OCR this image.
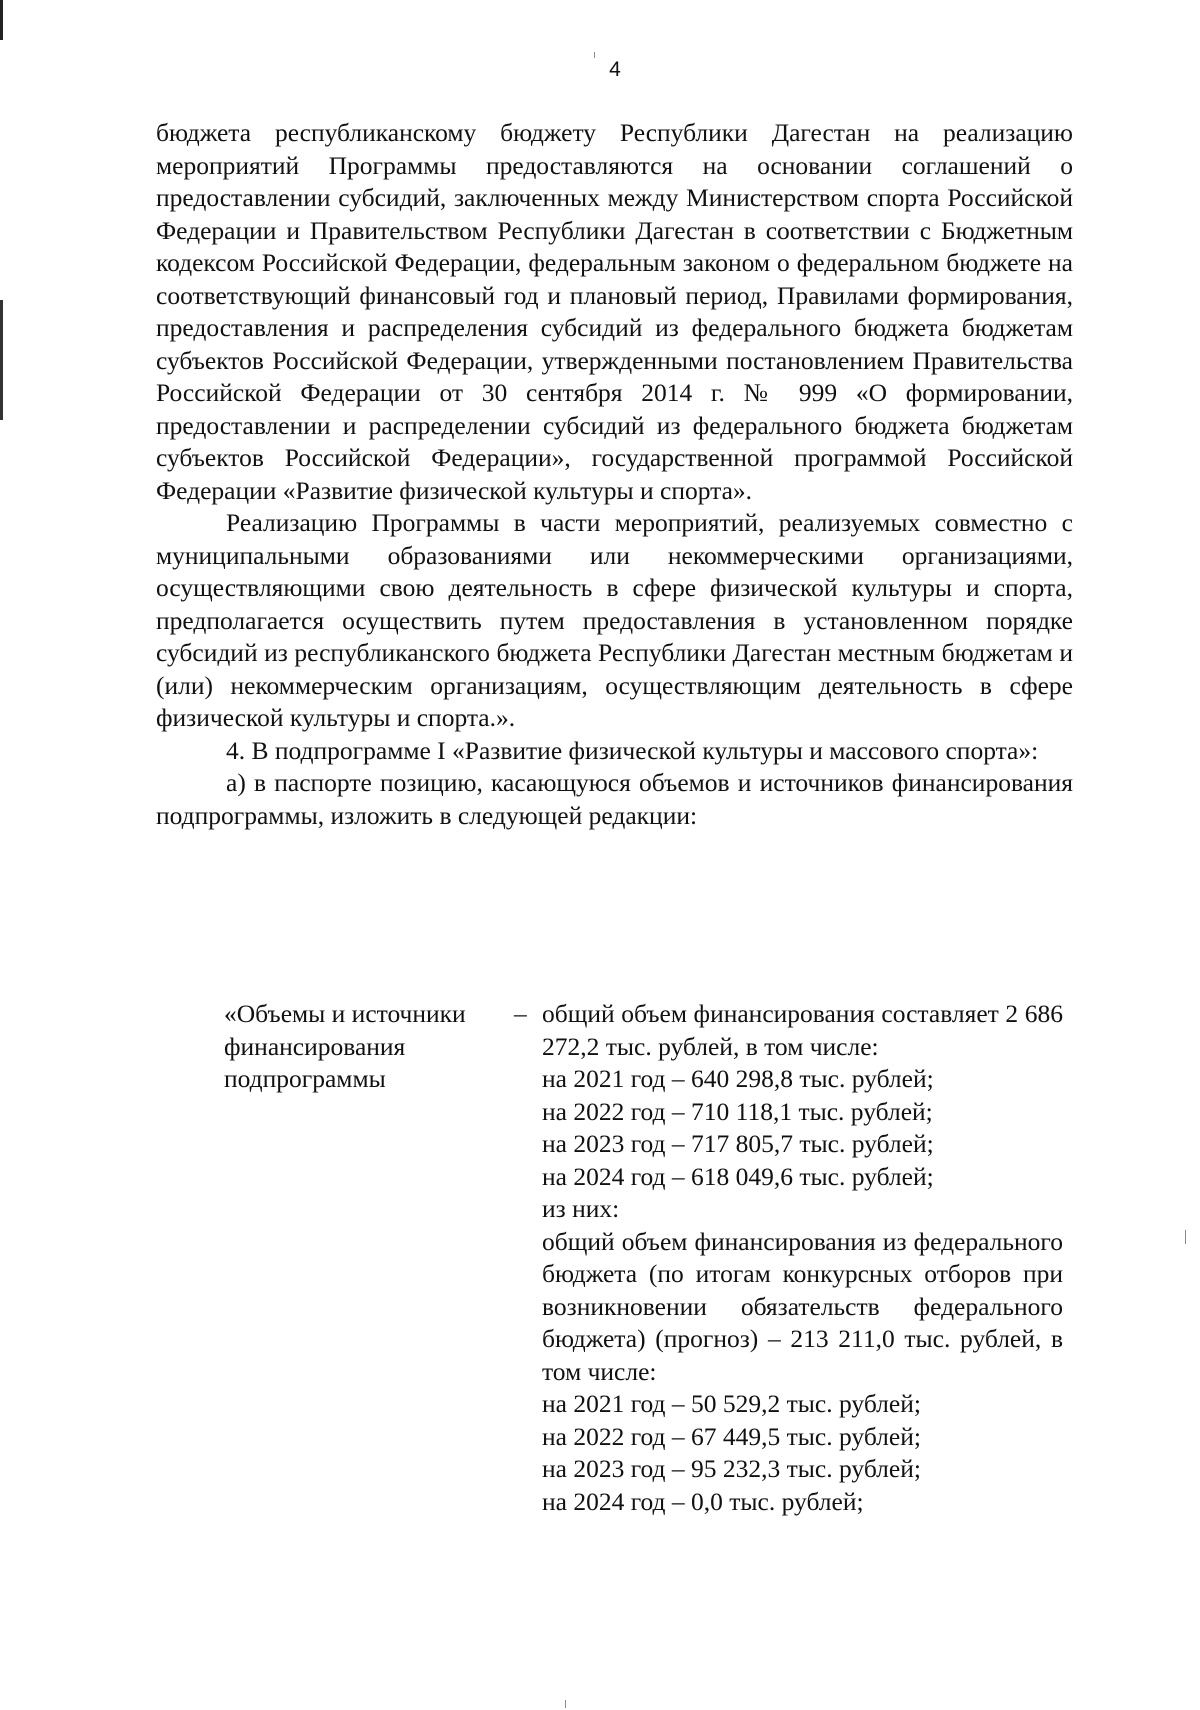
4

бюджета республиканскому бюджету Республики Дагестан на реализацию мероприятий Программы предоставляются на основании соглашений о предоставлении субсидий, заключенных между Министерством спорта Российской Федерации и Правительством Республики Дагестан в соответствии с Бюджетным кодексом Российской Федерации, федеральным законом о федеральном бюджете на соответствующий финансовый год и плановый период, Правилами формирования, предоставления и распределения субсидий из федерального бюджета бюджетам субъектов Российской Федерации, утвержденными постановлением Правительства Российской Федерации от 30 сентября 2014 г. № 999 «О формировании, предоставлении и распределении субсидий из федерального бюджета бюджетам субъектов Российской Федерации», государственной программой Российской Федерации «Развитие физической культуры и спорта».

Реализацию Программы в части мероприятий, реализуемых совместно с муниципальными образованиями или некоммерческими организациями, осуществляющими свою деятельность в сфере физической культуры и спорта, предполагается осуществить путем предоставления в установленном порядке субсидий из республиканского бюджета Республики Дагестан местным бюджетам и (или) некоммерческим организациям, осуществляющим деятельность в сфере физической культуры и спорта.».

4. В подпрограмме I «Развитие физической культуры и массового спорта»:

а) в паспорте позицию, касающуюся объемов и источников финансирования подпрограммы, изложить в следующей редакции:

«Объемы и источники
финансирования
подпрограммы
– общий объем финансирования составляет 2 686 272,2 тыс. рублей, в том числе:

на 2021 год – 640 298,8 тыс. рублей;

на 2022 год – 710 118,1 тыс. рублей;

на 2023 год – 717 805,7 тыс. рублей;

на 2024 год – 618 049,6 тыс. рублей;

из них:

общий объем финансирования из федерального бюджета (по итогам конкурсных отборов при возникновении обязательств федерального бюджета) (прогноз) – 213 211,0 тыс. рублей, в том числе:

на 2021 год – 50 529,2 тыс. рублей;

на 2022 год – 67 449,5 тыс. рублей;

на 2023 год – 95 232,3 тыс. рублей;

на 2024 год – 0,0 тыс. рублей;
